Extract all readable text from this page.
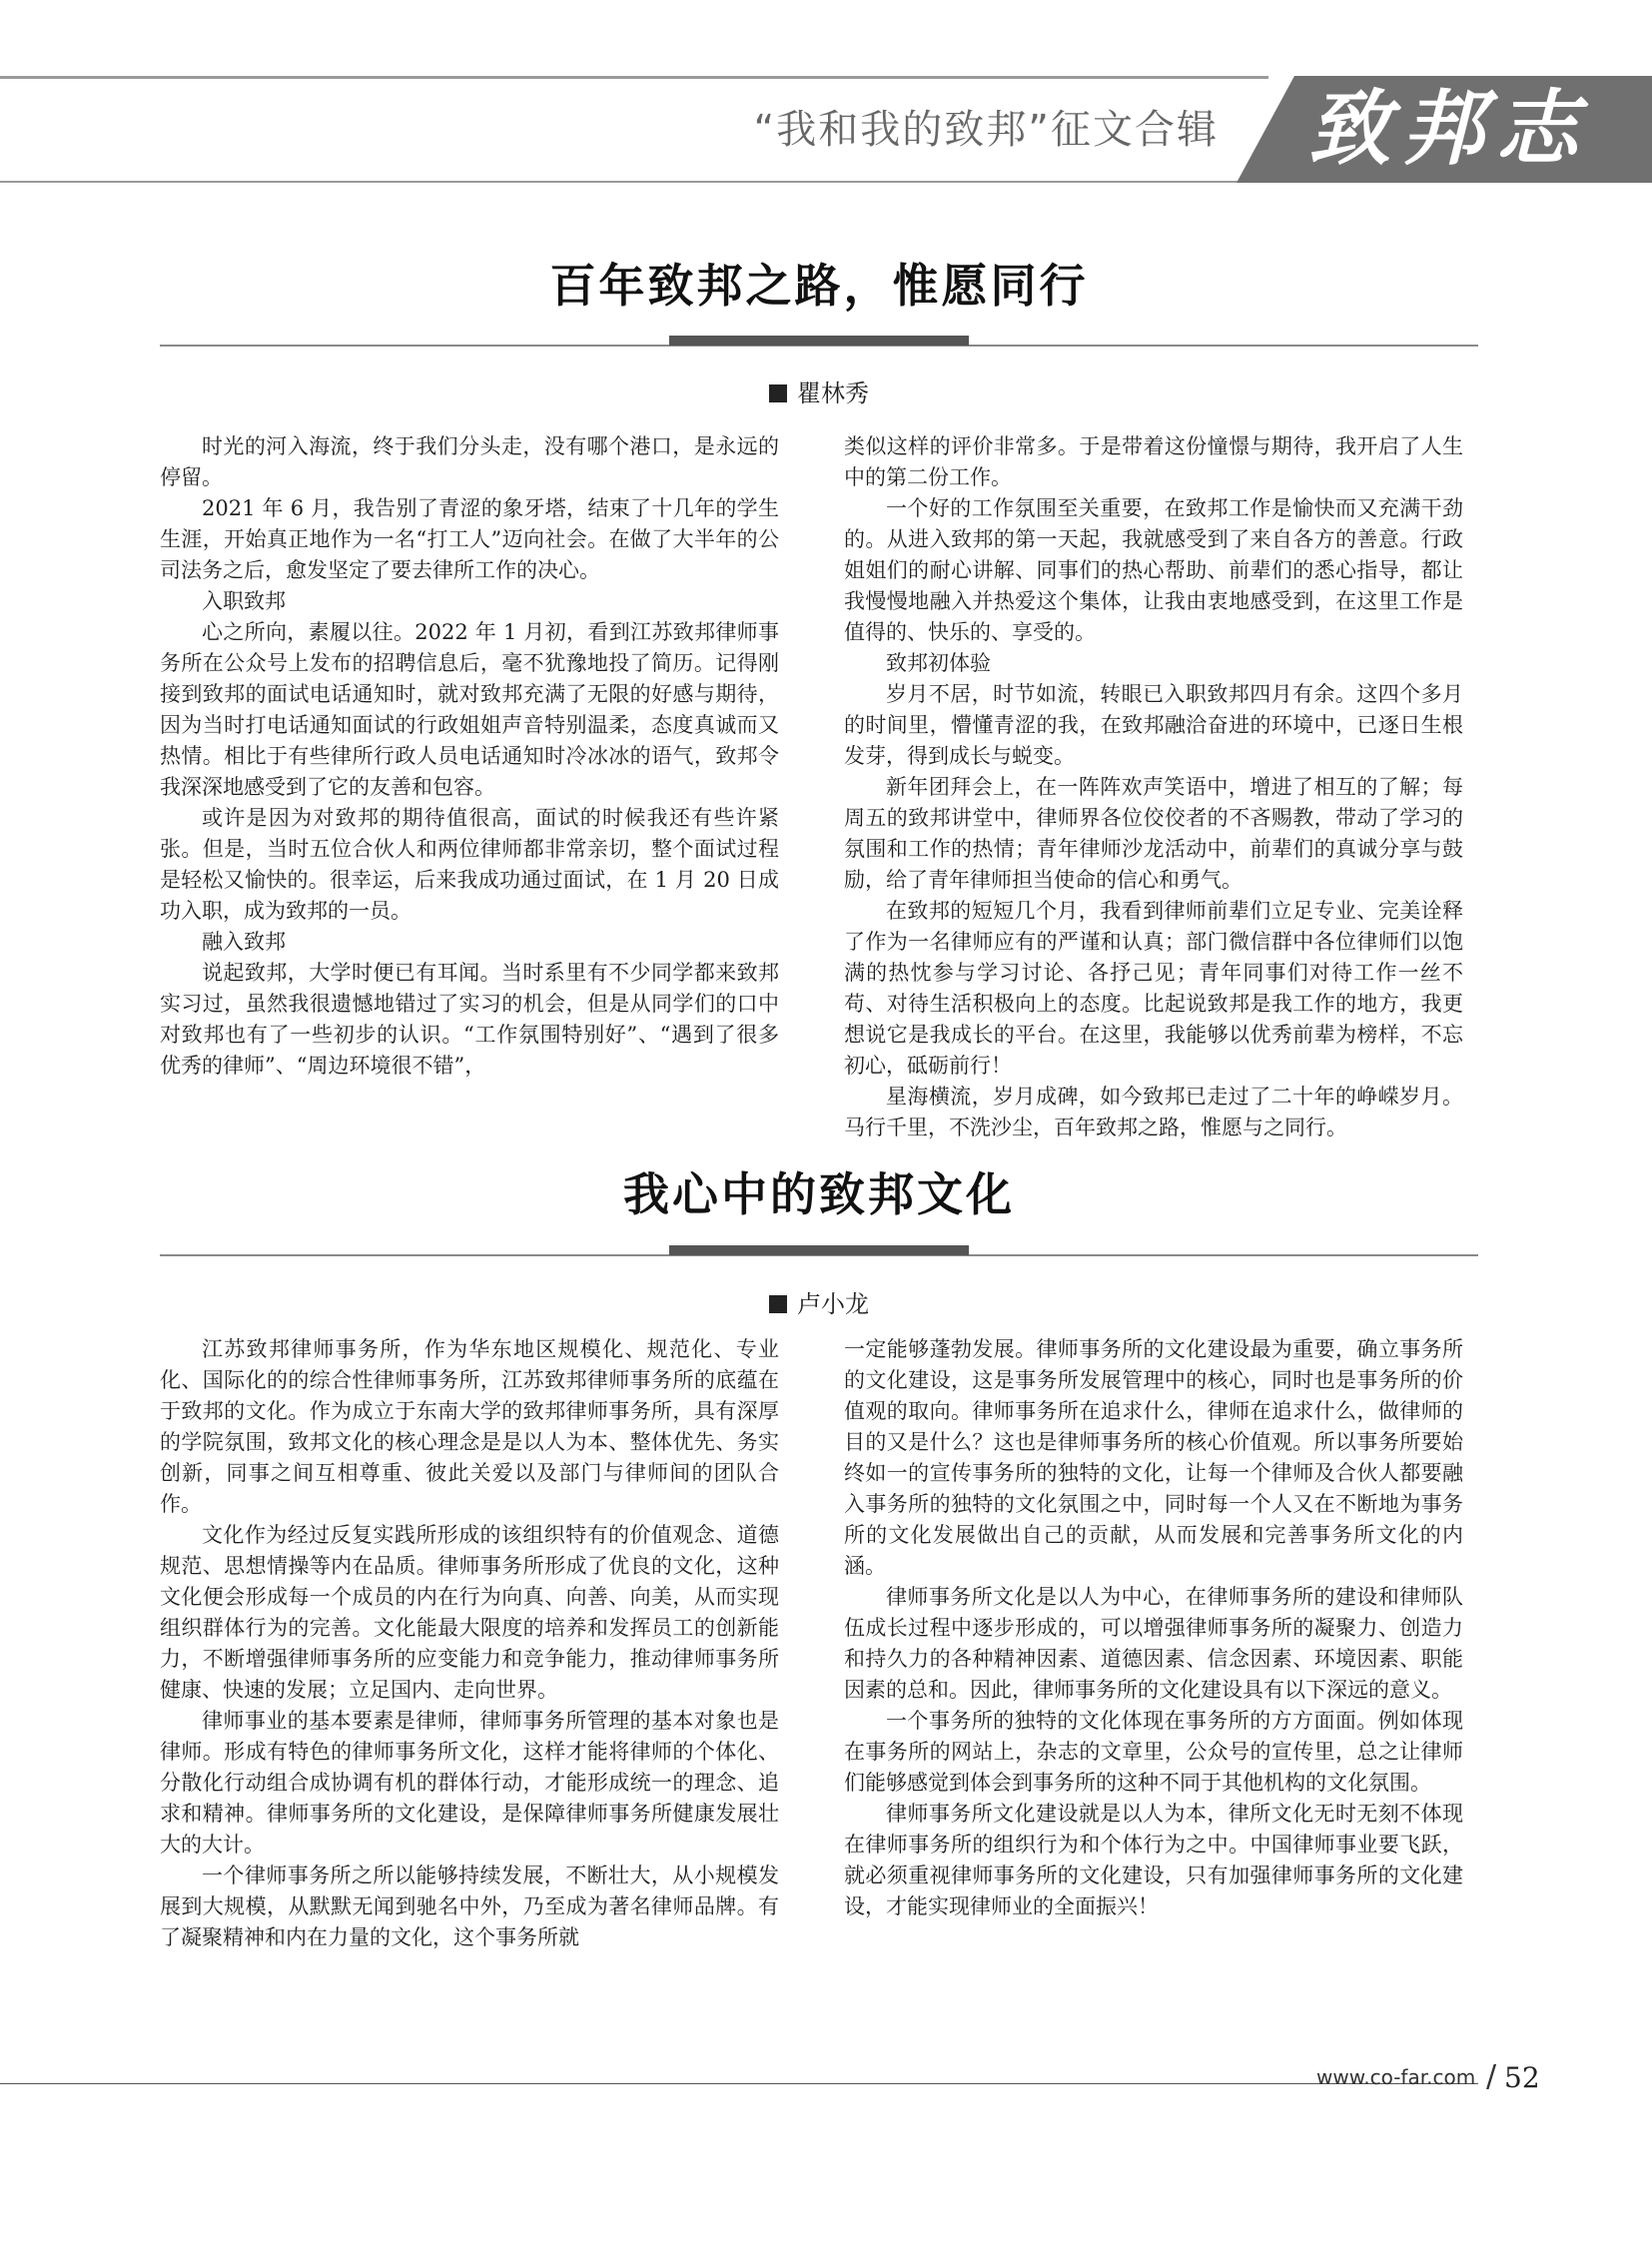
“我和我的致邦”征文合辑 致邦志
百年致邦之路，惟愿同行
瞿林秀

时光的河入海流，终于我们分头走，没有哪个港口，是永远的停留。

2021 年 6 月，我告别了青涩的象牙塔，结束了十几年的学生生涯，开始真正地作为一名“打工人”迈向社会。在做了大半年的公司法务之后，愈发坚定了要去律所工作的决心。

入职致邦

心之所向，素履以往。2022 年 1 月初，看到江苏致邦律师事务所在公众号上发布的招聘信息后，毫不犹豫地投了简历。记得刚接到致邦的面试电话通知时，就对致邦充满了无限的好感与期待，因为当时打电话通知面试的行政姐姐声音特别温柔，态度真诚而又热情。相比于有些律所行政人员电话通知时冷冰冰的语气，致邦令我深深地感受到了它的友善和包容。

或许是因为对致邦的期待值很高，面试的时候我还有些许紧张。但是，当时五位合伙人和两位律师都非常亲切，整个面试过程是轻松又愉快的。很幸运，后来我成功通过面试，在 1 月 20 日成功入职，成为致邦的一员。

融入致邦

说起致邦，大学时便已有耳闻。当时系里有不少同学都来致邦实习过，虽然我很遗憾地错过了实习的机会，但是从同学们的口中对致邦也有了一些初步的认识。“工作氛围特别好”、“遇到了很多优秀的律师”、“周边环境很不错”，

类似这样的评价非常多。于是带着这份憧憬与期待，我开启了人生中的第二份工作。

一个好的工作氛围至关重要，在致邦工作是愉快而又充满干劲的。从进入致邦的第一天起，我就感受到了来自各方的善意。行政姐姐们的耐心讲解、同事们的热心帮助、前辈们的悉心指导，都让我慢慢地融入并热爱这个集体，让我由衷地感受到，在这里工作是值得的、快乐的、享受的。

致邦初体验

岁月不居，时节如流，转眼已入职致邦四月有余。这四个多月的时间里，懵懂青涩的我，在致邦融洽奋进的环境中，已逐日生根发芽，得到成长与蜕变。

新年团拜会上，在一阵阵欢声笑语中，增进了相互的了解；每周五的致邦讲堂中，律师界各位佼佼者的不吝赐教，带动了学习的氛围和工作的热情；青年律师沙龙活动中，前辈们的真诚分享与鼓励，给了青年律师担当使命的信心和勇气。

在致邦的短短几个月，我看到律师前辈们立足专业、完美诠释了作为一名律师应有的严谨和认真；部门微信群中各位律师们以饱满的热忱参与学习讨论、各抒己见；青年同事们对待工作一丝不苟、对待生活积极向上的态度。比起说致邦是我工作的地方，我更想说它是我成长的平台。在这里，我能够以优秀前辈为榜样，不忘初心，砥砺前行！

星海横流，岁月成碑，如今致邦已走过了二十年的峥嵘岁月。马行千里，不洗沙尘，百年致邦之路，惟愿与之同行。

我心中的致邦文化
卢小龙

江苏致邦律师事务所，作为华东地区规模化、规范化、专业化、国际化的的综合性律师事务所，江苏致邦律师事务所的底蕴在于致邦的文化。作为成立于东南大学的致邦律师事务所，具有深厚的学院氛围，致邦文化的核心理念是是以人为本、整体优先、务实创新，同事之间互相尊重、彼此关爱以及部门与律师间的团队合作。

文化作为经过反复实践所形成的该组织特有的价值观念、道德规范、思想情操等内在品质。律师事务所形成了优良的文化，这种文化便会形成每一个成员的内在行为向真、向善、向美，从而实现组织群体行为的完善。文化能最大限度的培养和发挥员工的创新能力，不断增强律师事务所的应变能力和竞争能力，推动律师事务所健康、快速的发展；立足国内、走向世界。

律师事业的基本要素是律师，律师事务所管理的基本对象也是律师。形成有特色的律师事务所文化，这样才能将律师的个体化、分散化行动组合成协调有机的群体行动，才能形成统一的理念、追求和精神。律师事务所的文化建设，是保障律师事务所健康发展壮大的大计。

一个律师事务所之所以能够持续发展，不断壮大，从小规模发展到大规模，从默默无闻到驰名中外，乃至成为著名律师品牌。有了凝聚精神和内在力量的文化，这个事务所就

一定能够蓬勃发展。律师事务所的文化建设最为重要，确立事务所的文化建设，这是事务所发展管理中的核心，同时也是事务所的价值观的取向。律师事务所在追求什么，律师在追求什么，做律师的目的又是什么？这也是律师事务所的核心价值观。所以事务所要始终如一的宣传事务所的独特的文化，让每一个律师及合伙人都要融入事务所的独特的文化氛围之中，同时每一个人又在不断地为事务所的文化发展做出自己的贡献，从而发展和完善事务所文化的内涵。

律师事务所文化是以人为中心，在律师事务所的建设和律师队伍成长过程中逐步形成的，可以增强律师事务所的凝聚力、创造力和持久力的各种精神因素、道德因素、信念因素、环境因素、职能因素的总和。因此，律师事务所的文化建设具有以下深远的意义。

一个事务所的独特的文化体现在事务所的方方面面。例如体现在事务所的网站上，杂志的文章里，公众号的宣传里，总之让律师们能够感觉到体会到事务所的这种不同于其他机构的文化氛围。

律师事务所文化建设就是以人为本，律所文化无时无刻不体现在律师事务所的组织行为和个体行为之中。中国律师事业要飞跃，就必须重视律师事务所的文化建设，只有加强律师事务所的文化建设，才能实现律师业的全面振兴！

www.co-far.com / 52
